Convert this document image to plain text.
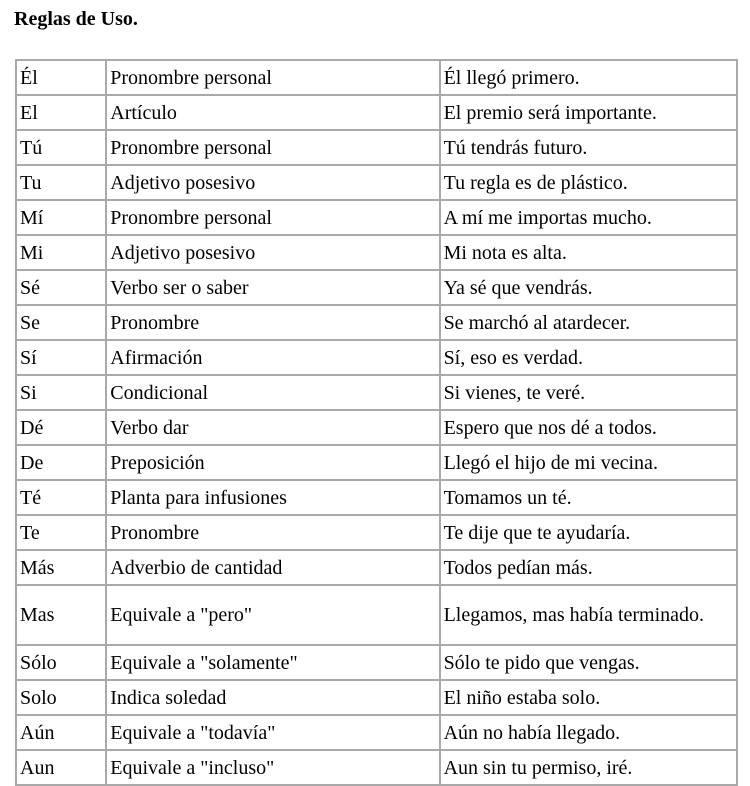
Reglas de Uso.
Él	Pronombre personal	Él llegó primero.
El	Artículo	El premio será importante.
Tú	Pronombre personal	Tú tendrás futuro.
Tu	Adjetivo posesivo	Tu regla es de plástico.
Mí	Pronombre personal	A mí me importas mucho.
Mi	Adjetivo posesivo	Mi nota es alta.
Sé	Verbo ser o saber	Ya sé que vendrás.
Se	Pronombre	Se marchó al atardecer.
Sí	Afirmación	Sí, eso es verdad.
Si	Condicional	Si vienes, te veré.
Dé	Verbo dar	Espero que nos dé a todos.
De	Preposición	Llegó el hijo de mi vecina.
Té	Planta para infusiones	Tomamos un té.
Te	Pronombre	Te dije que te ayudaría.
Más	Adverbio de cantidad	Todos pedían más.
Mas	Equivale a "pero"	Llegamos, mas había terminado.
Sólo	Equivale a "solamente"	Sólo te pido que vengas.
Solo	Indica soledad	El niño estaba solo.
Aún	Equivale a "todavía"	Aún no había llegado.
Aun	Equivale a "incluso"	Aun sin tu permiso, iré.
